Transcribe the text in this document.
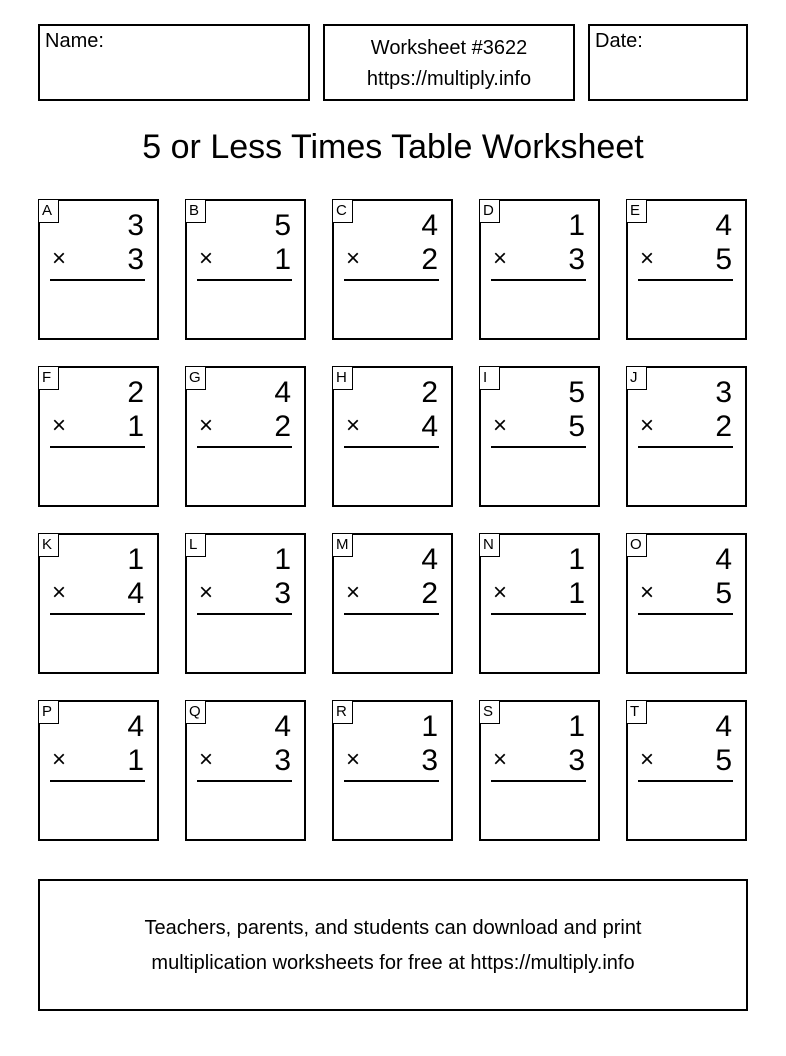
Name:	Worksheet #3622
https://multiply.info
Date:
5 or Less Times Table Worksheet
A	3
× 3
B	5
× 1
C 4
× 2
D 1
× 3
E	4
× 5
F	2
× 1
G 4
× 2
H 2
× 4
I	5
× 5
J	3
× 2
K	1
× 4
L	1
× 3
M 4
× 2
N 1
× 1
O 4
× 5
P	4
× 1
Q 4
× 3
R 1
× 3
S	1
× 3
T	4
× 5
Teachers, parents, and students can download and print
multiplication worksheets for free at https://multiply.info
